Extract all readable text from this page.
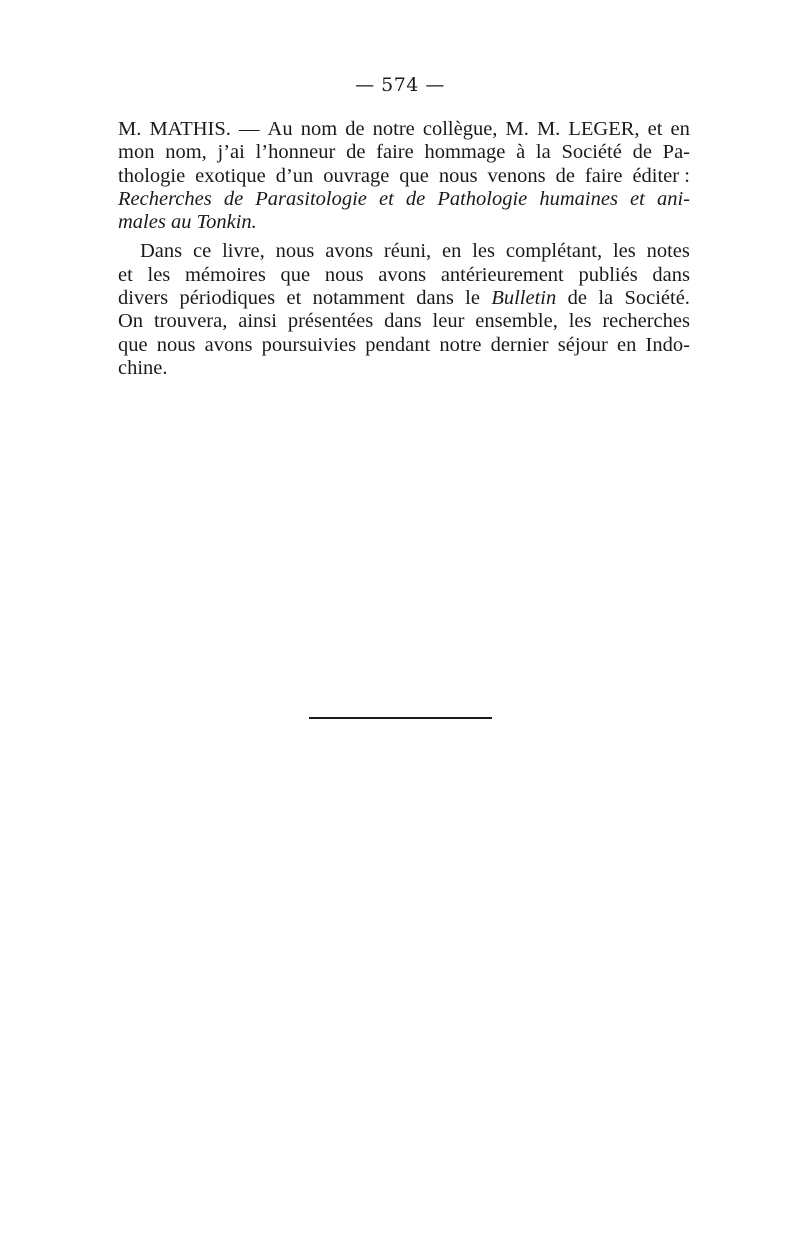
— 574 —
M. MATHIS. — Au nom de notre collègue, M. M. LEGER, et en
mon nom, j’ai l’honneur de faire hommage à la Société de Pa-
thologie exotique d’un ouvrage que nous venons de faire éditer :
Recherches de Parasitologie et de Pathologie humaines et ani-
males
au
Tonkin.
Dans ce livre, nous avons réuni, en les complétant, les notes
et les mémoires que nous avons antérieurement publiés dans
divers périodiques et notamment dans le Bulletin de la Société.
On trouvera, ainsi présentées dans leur ensemble, les recherches
que nous avons poursuivies pendant notre dernier séjour en Indo-
chine.
